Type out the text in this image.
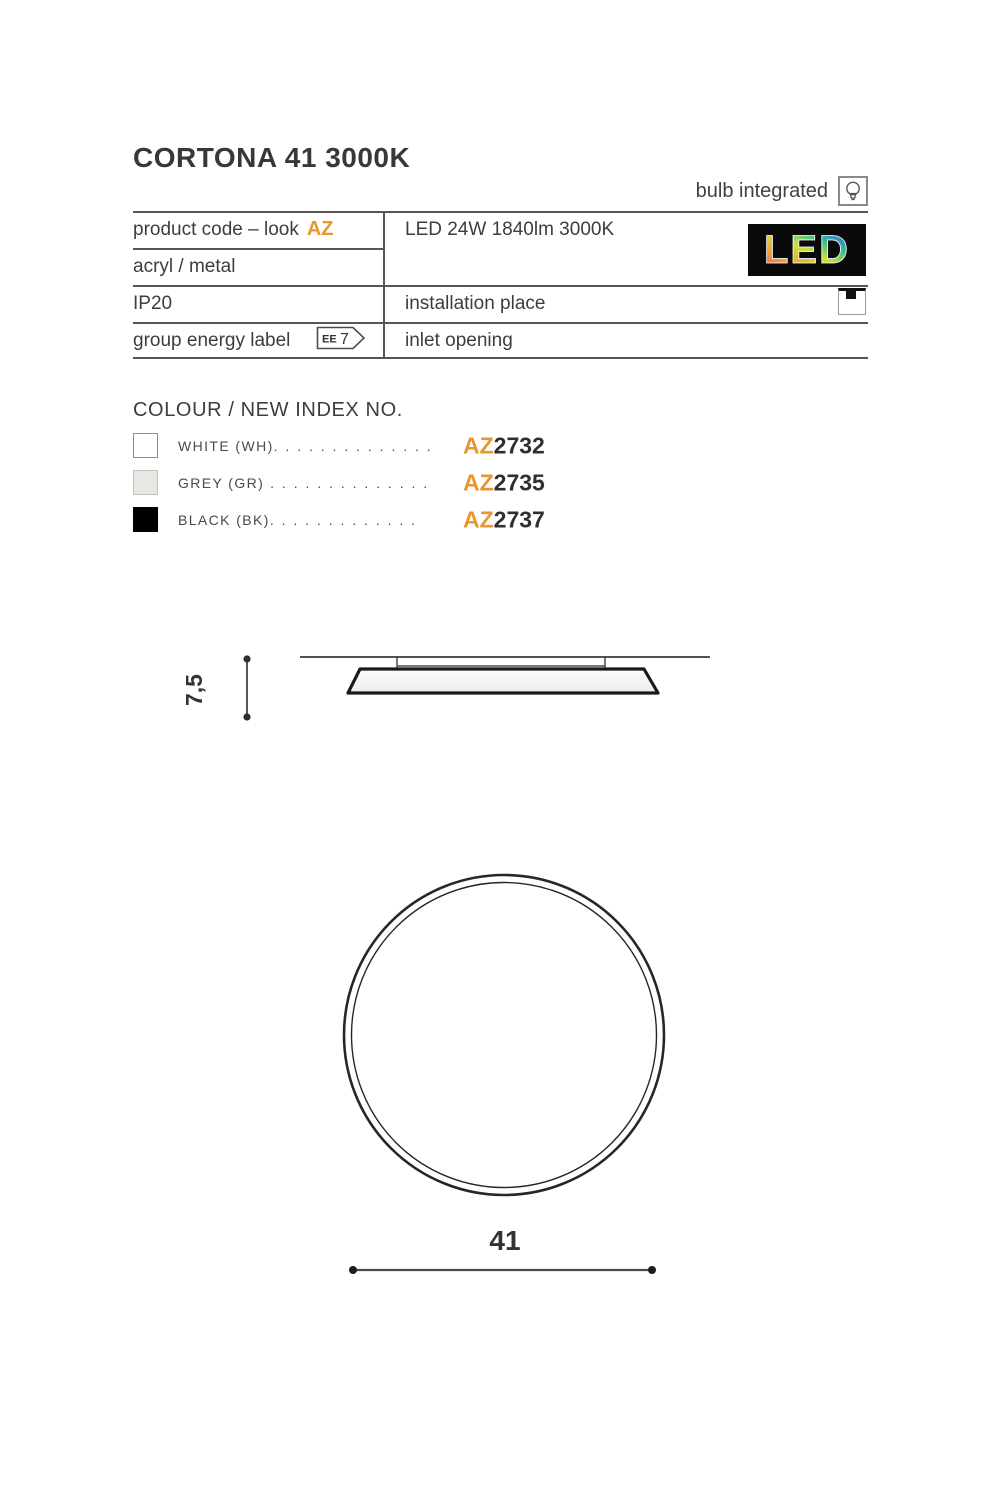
CORTONA 41 3000K
bulb integrated
product code – look AZ
acryl / metal
IP20
group energy label	EE 7
LED 24W 1840lm 3000K	LED
installation place
inlet opening
COLOUR / NEW INDEX NO.
WHITE (WH) . . . . . . . . . . . . . . AZ2732
GREY (GR) . . . . . . . . . . . . . . AZ2735
BLACK (BK) . . . . . . . . . . . . . AZ2737
7,5
41
